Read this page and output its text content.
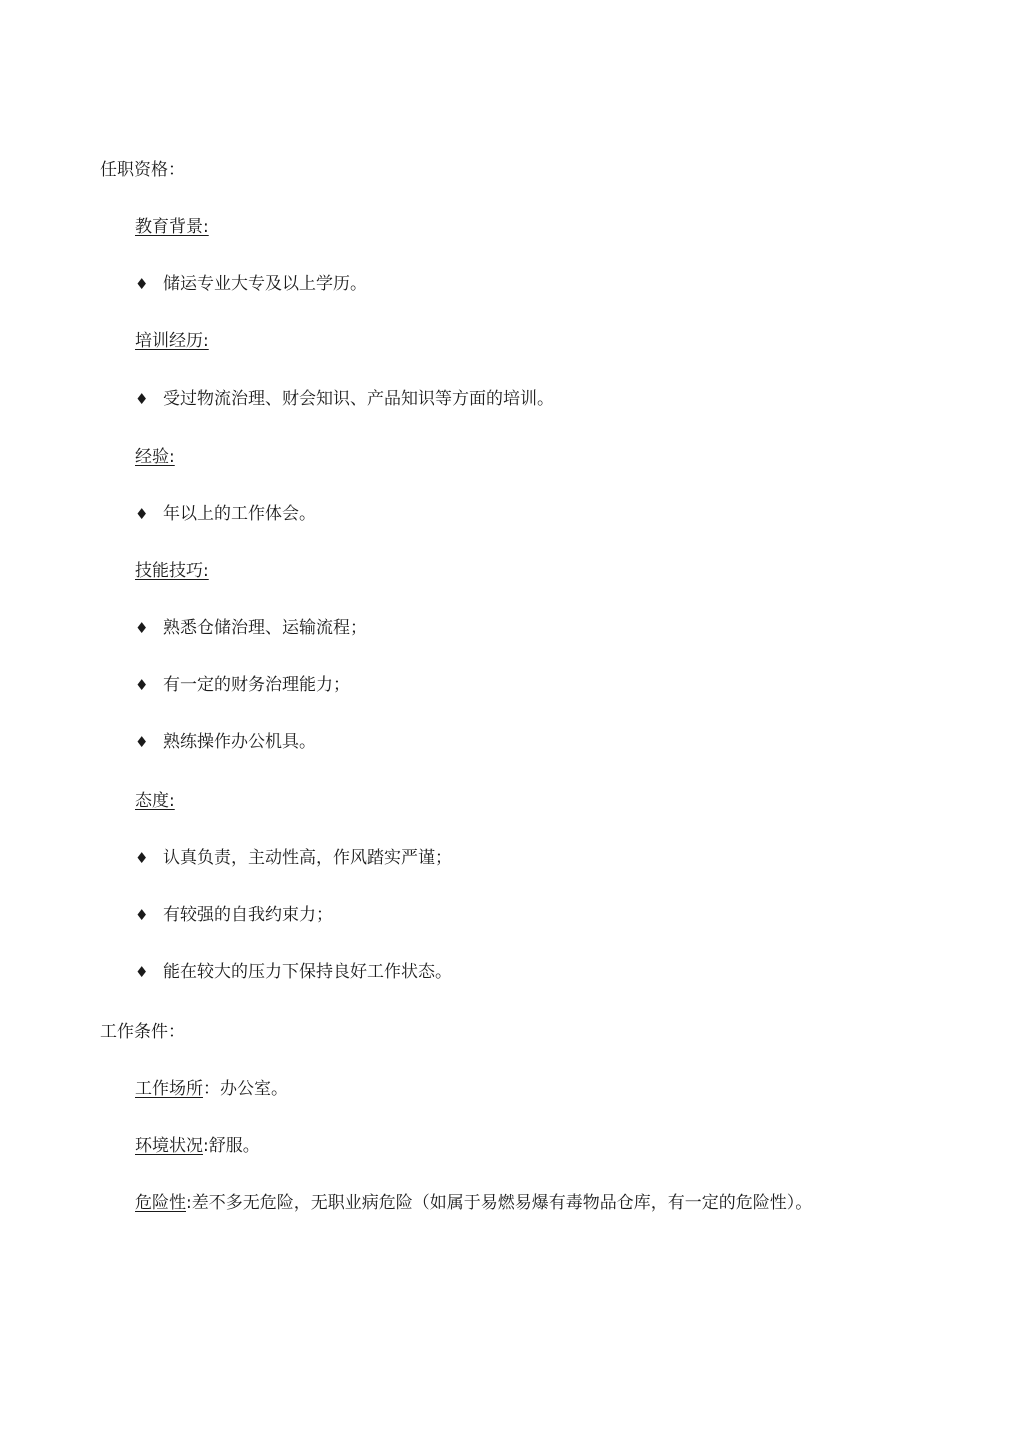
任职资格：
教育背景:
♦ 储运专业大专及以上学历。
培训经历:
♦ 受过物流治理、财会知识、产品知识等方面的培训。
经验:
♦ 年以上的工作体会。
技能技巧:
♦ 熟悉仓储治理、运输流程；
♦ 有一定的财务治理能力；
♦ 熟练操作办公机具。
态度:
♦ 认真负责，主动性高，作风踏实严谨；
♦ 有较强的自我约束力；
♦ 能在较大的压力下保持良好工作状态。
工作条件：
工作场所：办公室。
环境状况:舒服。
危险性:差不多无危险，无职业病危险（如属于易燃易爆有毒物品仓库，有一定的危险性）。
